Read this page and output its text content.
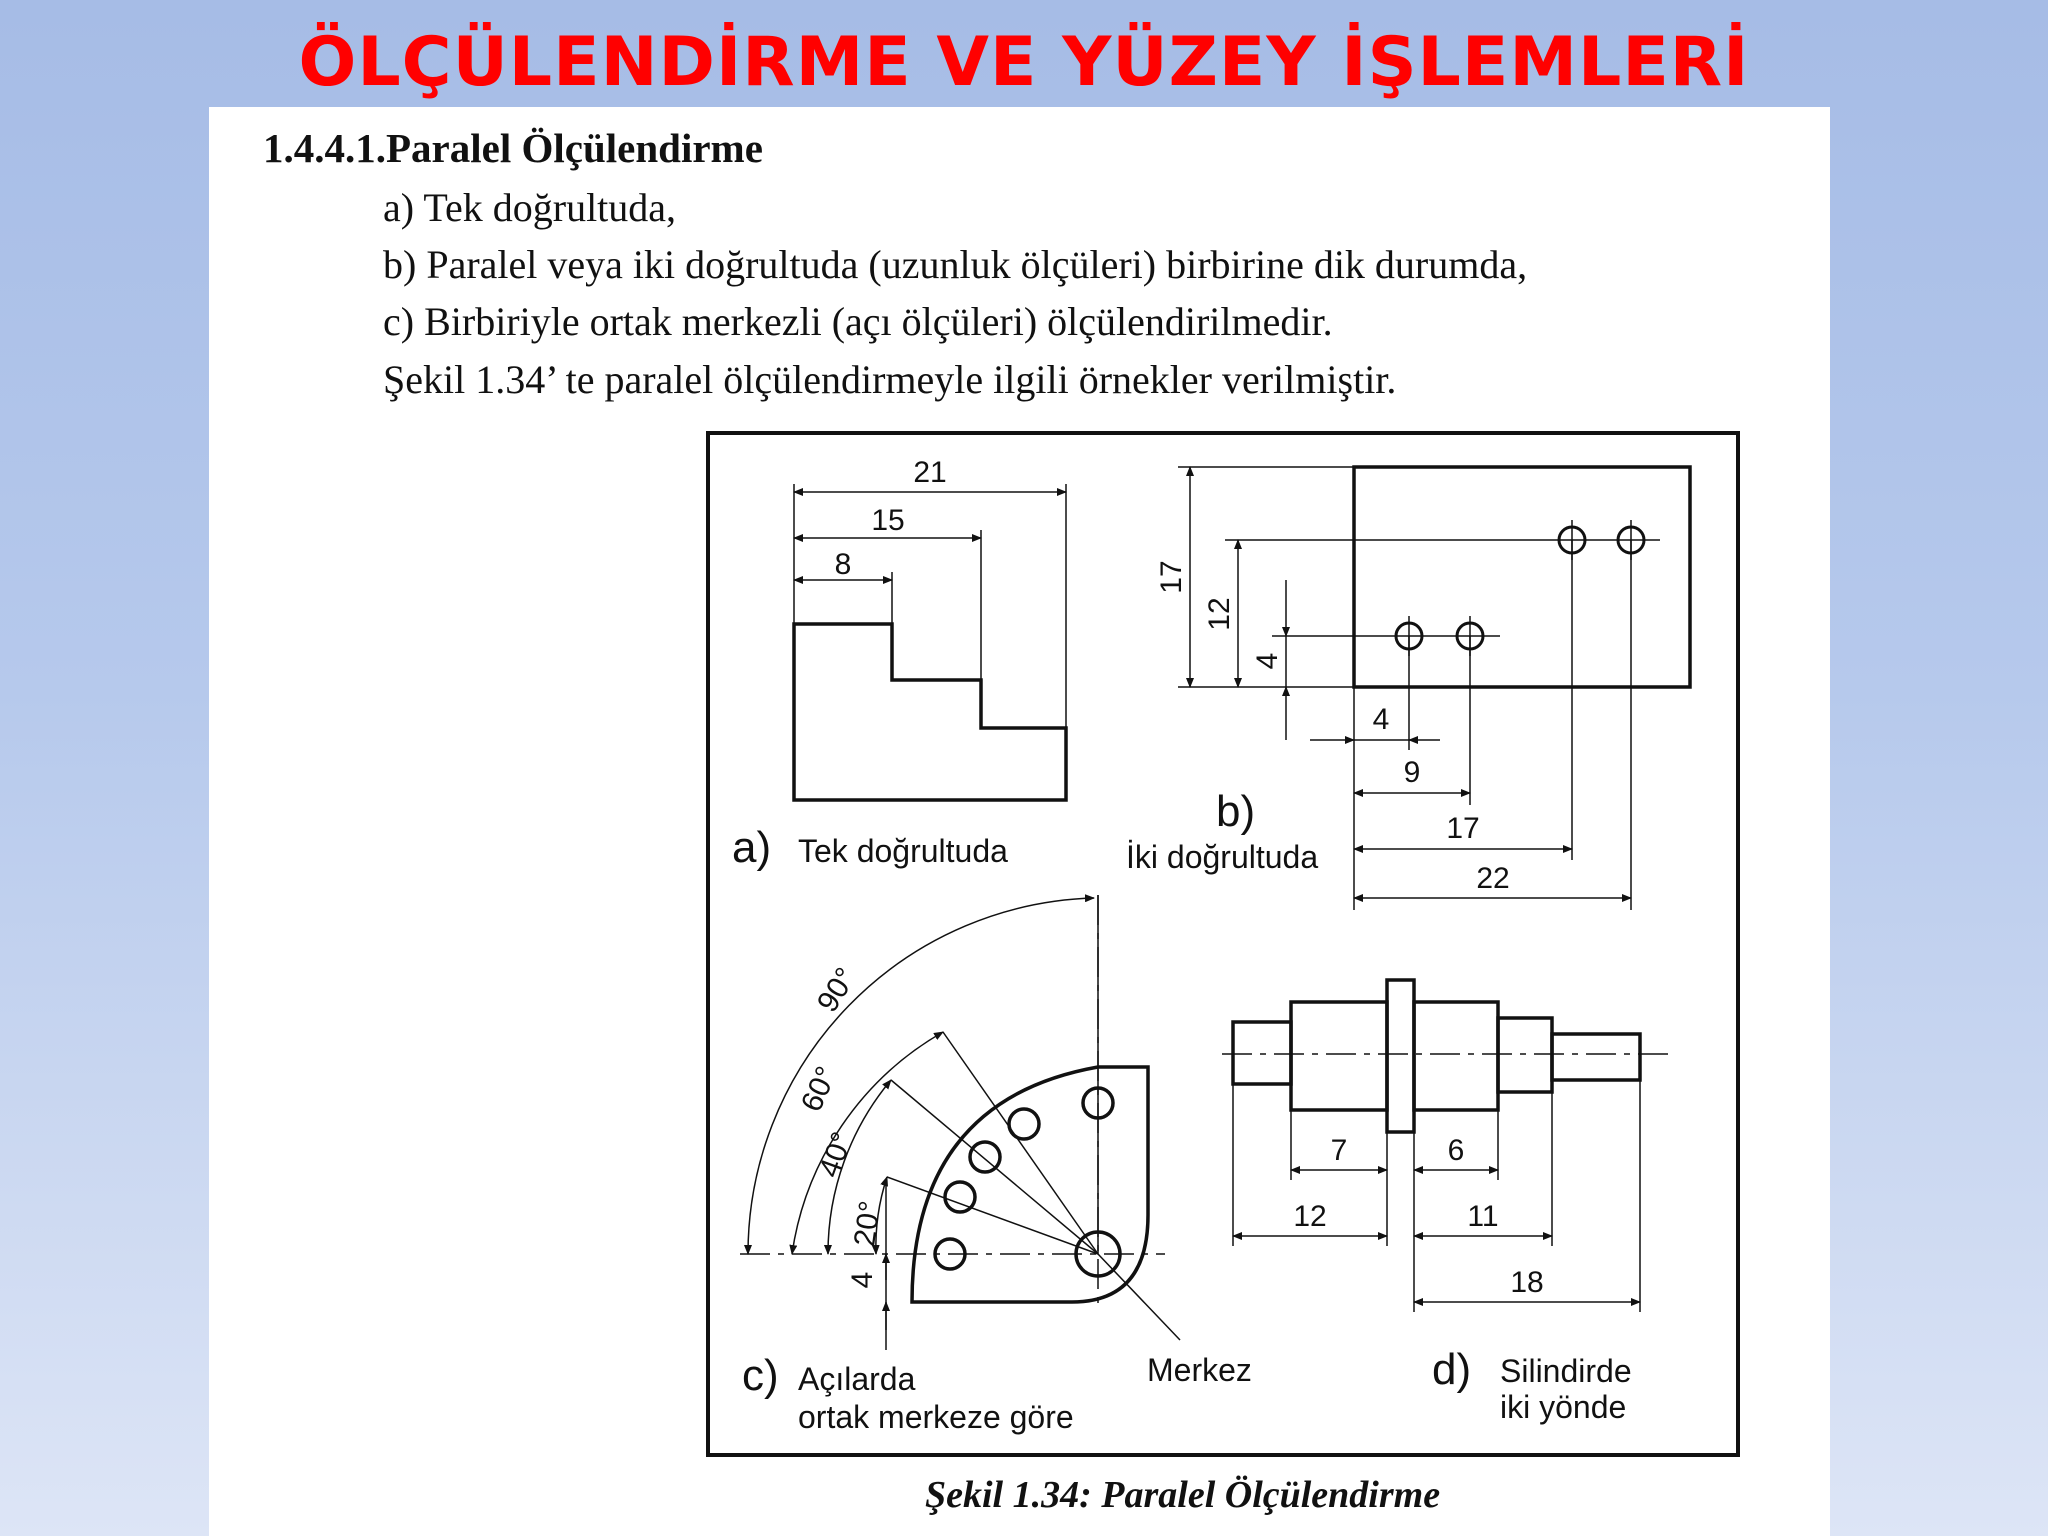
ÖLÇÜLENDİRME VE YÜZEY İŞLEMLERİ
1.4.4.1.Paralel Ölçülendirme
a) Tek doğrultuda,
b) Paralel veya iki doğrultuda (uzunluk ölçüleri) birbirine dik durumda,
c) Birbiriyle ortak merkezli (açı ölçüleri) ölçülendirilmedir.
Şekil 1.34’ te paralel ölçülendirmeyle ilgili örnekler verilmiştir.
21
15
8
a) Tek doğrultuda
17
12
4
4
9
17
22
b)
İki doğrultuda
90°
60°
40°
20°
4
Merkez
c) Açılarda
ortak merkeze göre
7	6
12	11
18
d) Silindirde
iki yönde
Şekil 1.34: Paralel Ölçülendirme
